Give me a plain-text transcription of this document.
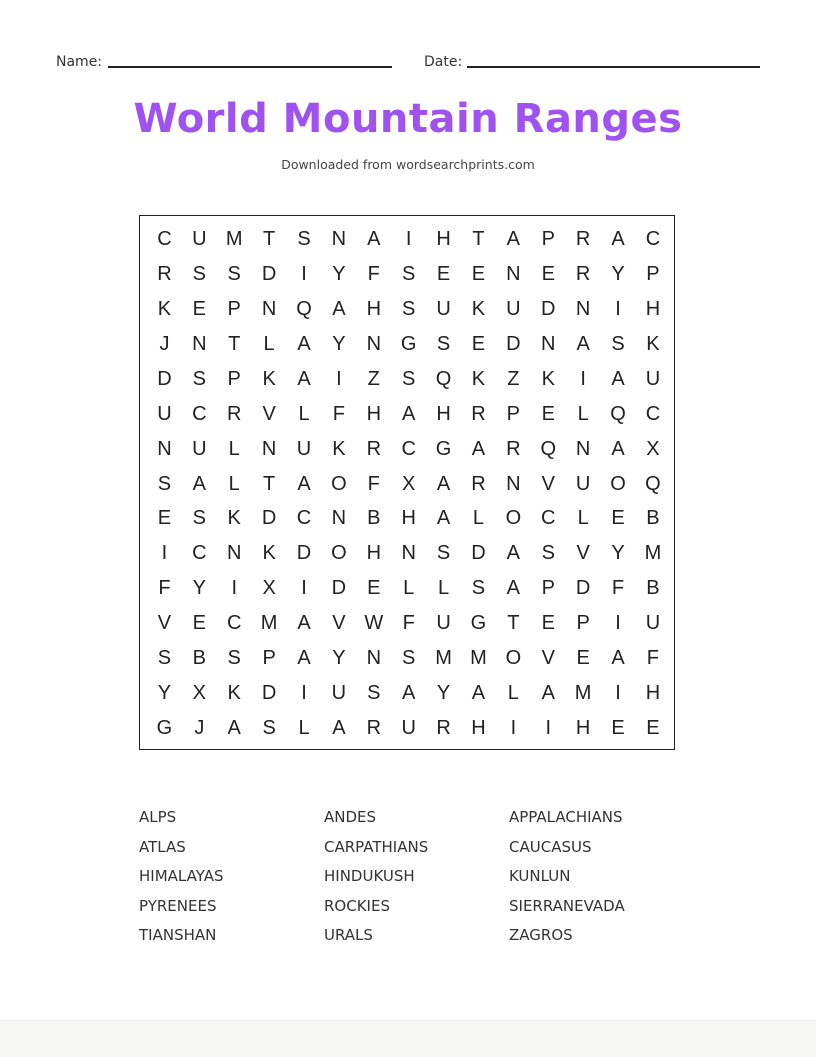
Name:	Date:
World Mountain Ranges
Downloaded from wordsearchprints.com
C	U M	T	S	N	A	I	H	T	A	P	R	A	C
R	S	S	D	I	Y	F	S	E	E	N	E	R	Y	P
K	E	P	N Q	A	H	S	U	K	U	D	N	I	H
J	N	T	L	A	Y	N G	S	E	D	N	A	S	K
D	S	P	K	A	I	Z	S	Q	K	Z	K	I	A	U
U	C	R	V	L	F	H	A	H	R	P	E	L	Q C
N	U	L	N	U	K	R	C G	A	R Q N	A	X
S	A	L	T	A	O	F	X	A	R	N	V	U O Q
E	S	K	D	C	N	B	H	A	L	O C	L	E	B
I	C	N	K	D O H	N	S	D	A	S	V	Y M
F	Y	I	X	I	D	E	L	L	S	A	P	D	F	B
V	E	C M A	V W F	U G	T	E	P	I	U
S	B	S	P	A	Y	N	S M M O	V	E	A	F
Y	X	K	D	I	U	S	A	Y	A	L	A M	I	H
G	J	A	S	L	A	R	U	R	H	I	I	H	E	E
ALPS	ANDES	APPALACHIANS
ATLAS	CARPATHIANS	CAUCASUS
HIMALAYAS	HINDUKUSH	KUNLUN
PYRENEES	ROCKIES	SIERRANEVADA
TIANSHAN	URALS	ZAGROS
